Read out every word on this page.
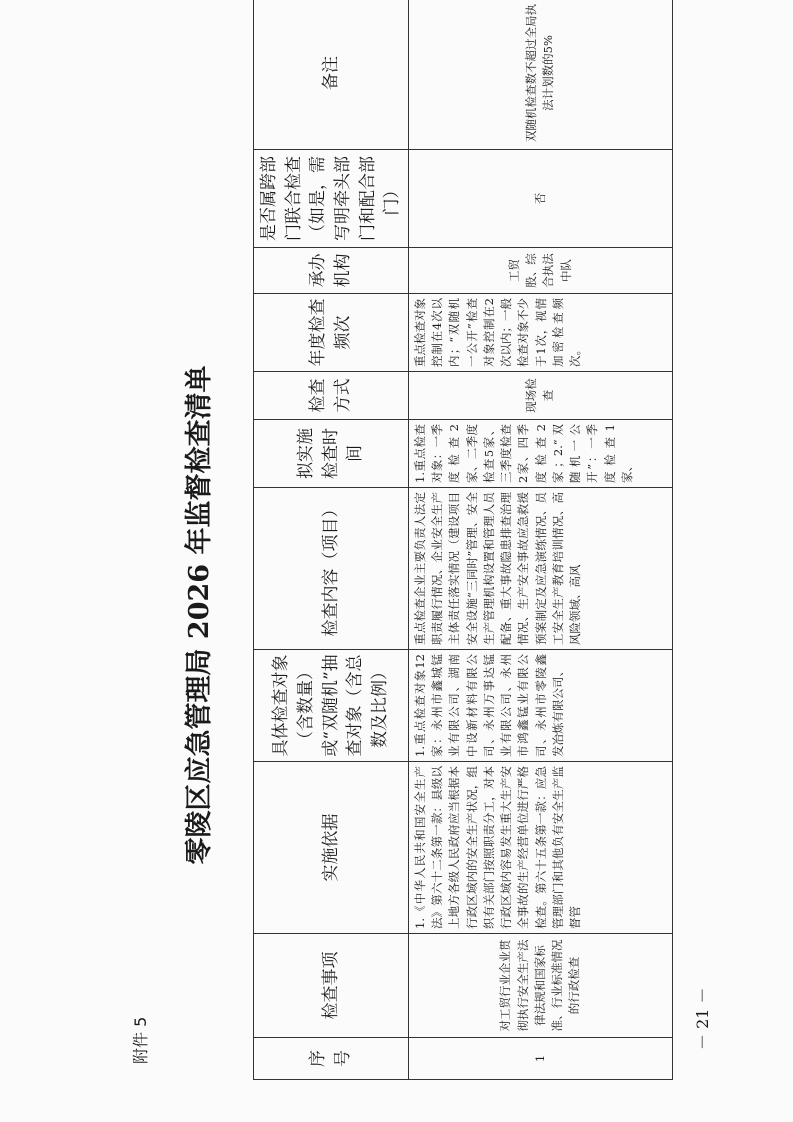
附件 5
零陵区应急管理局 2026 年监督检查清单
－ 21 －
序号	检查事项	实施依据	具体检查对象（含数量）或“双随机”抽查对象（含总数及比例）	检查内容（项目）	拟实施检查时间	检查方式	年度检查频次	承办机构	是否属跨部门联合检查（如是，需写明牵头部门和配合部门）	备注
1	对工贸行业企业贯彻执行安全生产法律法规和国家标准、行业标准情况的行政检查	1.《中华人民共和国安全生产法》第六十二条第一款：县级以上地方各级人民政府应当根据本行政区域内的安全生产状况，组织有关部门按照职责分工，对本行政区域内容易发生重大生产安全事故的生产经营单位进行严格检查。第六十五条第一款：应急管理部门和其他负有安全生产监督管	1.重点检查对象12家：永州市鑫城锰业有限公司、湖南中设新材料有限公司、永州万事达锰业有限公司、永州市鸿鑫锰业有限公司、永州市零陵鑫发冶炼有限公司、	重点检查企业主要负责人法定职责履行情况、企业安全生产主体责任落实情况（建设项目安全设施“三同时”管理、安全生产管理机构设置和管理人员配备、重大事故隐患排查治理情况、生产安全事故应急救援预案制定及应急演练情况、员工安全生产教育培训情况、高风险领域、高风	1.重点检查对象：一季度检查2家、二季度检查5家、三季度检查2家、四季度检查2家；2.“双随机一公开”：一季度检查1家、	现场检查	重点检查对象控制在4次以内；“双随机一公开”检查对象控制在2次以内；一般检查对象不少于1次，视情加密检查频次。	工贸股、综合执法中队	否	双随机检查数不超过全局执法计划数的5%
